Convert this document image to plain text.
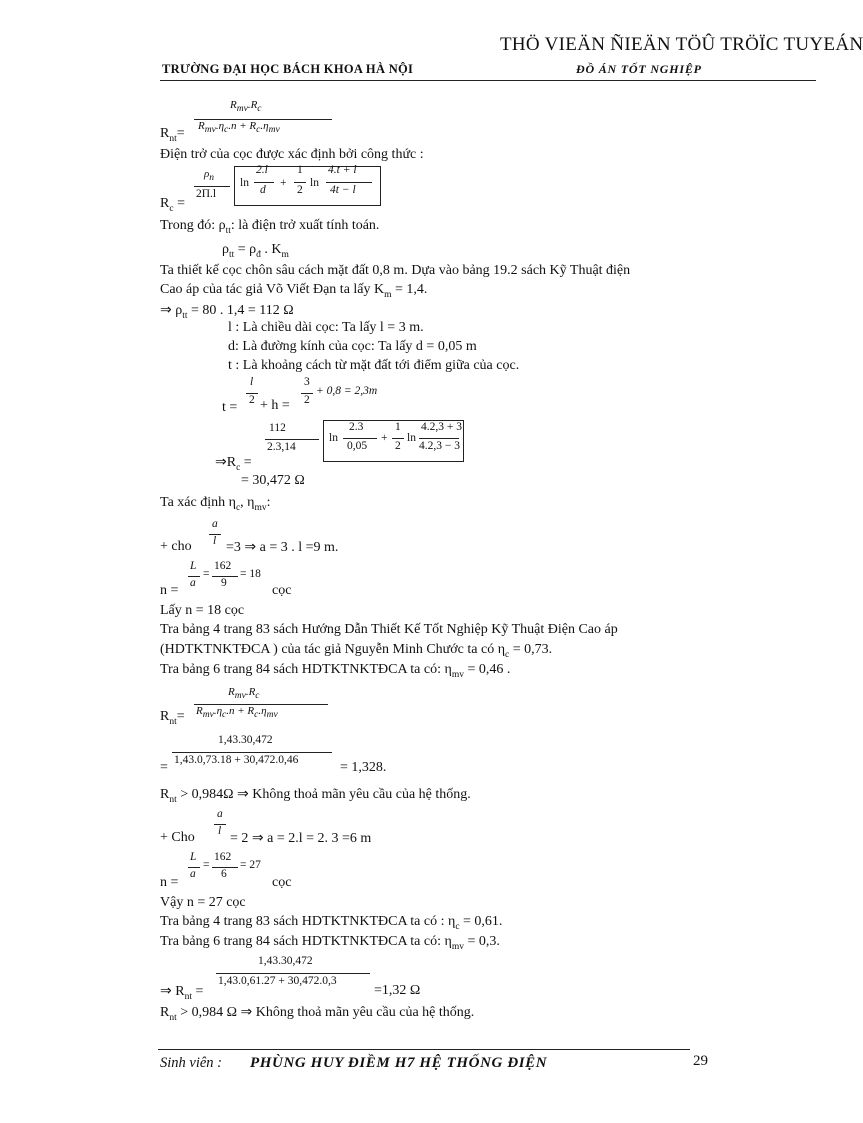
THÖ VIEÄN ÑIEÄN TÖÛ TRÖÏC TUYEÁN
TRƯỜNG ĐẠI HỌC BÁCH KHOA HÀ NỘI	ĐỒ ÁN TỐT NGHIỆP
$R_{mv}.R_c$
$R_{mv}.\eta_c.n + R_c.\eta_{mv}$
$R_{nt}=$
Điện trở của cọc được xác định bởi công thức :
$\rho_n$
2Π.l
ln
2.l
d
+
1
2
ln
4.t + l
4t − l
$R_c$ =
Trong đó: $\rho_{tt}$: là điện trở xuất tính toán.
$\rho_{tt} = \rho_đ$ . $K_m$
Ta thiết kế cọc chôn sâu cách mặt đất 0,8 m. Dựa vào bảng 19.2 sách Kỹ Thuật điện
Cao áp của tác giả Võ Viết Đạn ta lấy $K_m = 1,4$.
⇒ $\rho_{tt} = 80$ . 1,4 = 112 Ω
l : Là chiều dài cọc: Ta lấy l = 3 m.
d: Là đường kính của cọc: Ta lấy d = 0,05 m
t : Là khoảng cách từ mặt đất tới điểm giữa của cọc.
l
2
t = + h =
3
2
+ 0,8 = 2,3m
112
2.3,14
ln
2.3
0,05
+
1
2
ln
4.2,3 + 3
4.2,3 − 3
$\Rightarrow R_c$ =
= 30,472 Ω
Ta xác định $\eta_c$, $\eta_{mv}$:
a
l
+ cho =3 ⇒ a = 3 . l =9 m.
L
a
=
162
9
= 18
n =	cọc
Lấy n = 18 cọc
Tra bảng 4 trang 83 sách Hướng Dẫn Thiết Kế Tốt Nghiệp Kỹ Thuật Điện Cao áp
(HDTKTNKTĐCA ) của tác giả Nguyễn Minh Chước ta có $\eta_c = 0,73$.
Tra bảng 6 trang 84 sách HDTKTNKTĐCA ta có: $\eta_{mv} = 0,46$ .
$R_{mv}.R_c$
$R_{mv}.\eta_c.n + R_c.\eta_{mv}$
$R_{nt}=$
1,43.30,472
1,43.0,73.18 + 30,472.0,46
=	= 1,328.
$R_{nt} > 0,984\Omega$ ⇒ Không thoả mãn yêu cầu của hệ thống.
a
l
+ Cho	= 2 ⇒ a = 2.l = 2. 3 =6 m
L
a
=
162
6
= 27
n =	cọc
Vậy n = 27 cọc
Tra bảng 4 trang 83 sách HDTKTNKTĐCA ta có : $\eta_c = 0,61$.
Tra bảng 6 trang 84 sách HDTKTNKTĐCA ta có: $\eta_{mv} = 0,3$.
1,43.30,472
1,43.0,61.27 + 30,472.0,3
⇒ $R_{nt}$ =	=1,32 Ω
$R_{nt} > 0,984$ Ω ⇒ Không thoả mãn yêu cầu của hệ thống.
Sinh viên : PHÙNG HUY ĐIỀM H7 HỆ THỐNG ĐIỆN	29
